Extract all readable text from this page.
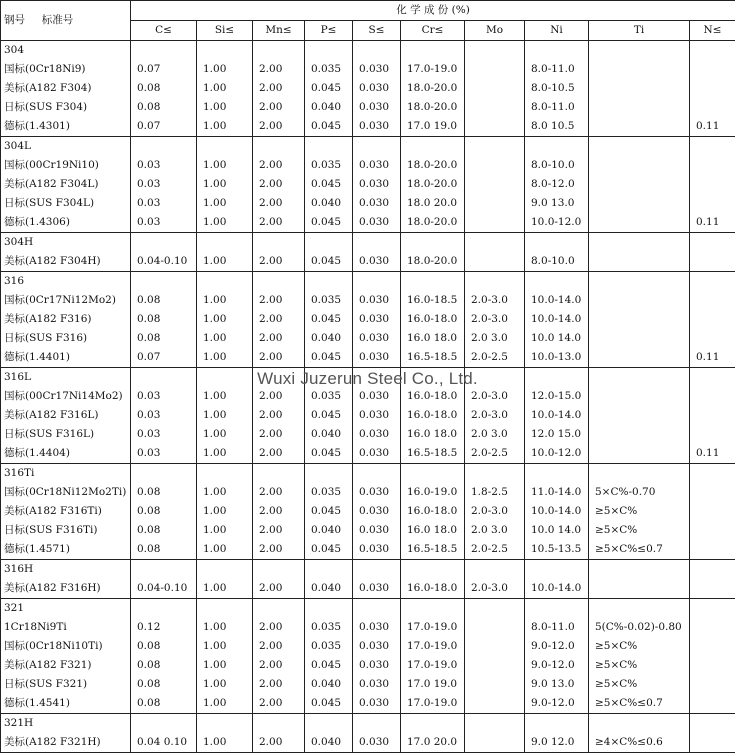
钢号 标准号	化 学 成 份 (%)									
	C≤	Si≤	Mn≤	P≤	S≤	Cr≤	Mo	Ni	Ti	N≤
304										
国标(0Cr18Ni9)	0.07	1.00	2.00	0.035	0.030	17.0-19.0		8.0-11.0		
美标(A182 F304)	0.08	1.00	2.00	0.045	0.030	18.0-20.0		8.0-10.5		
日标(SUS F304)	0.08	1.00	2.00	0.040	0.030	18.0-20.0		8.0-11.0		
德标(1.4301)	0.07	1.00	2.00	0.045	0.030	17.0 19.0		8.0 10.5		0.11
304L										
国标(00Cr19Ni10)	0.03	1.00	2.00	0.035	0.030	18.0-20.0		8.0-10.0		
美标(A182 F304L)	0.03	1.00	2.00	0.045	0.030	18.0-20.0		8.0-12.0		
日标(SUS F304L)	0.03	1.00	2.00	0.040	0.030	18.0 20.0		9.0 13.0		
德标(1.4306)	0.03	1.00	2.00	0.045	0.030	18.0-20.0		10.0-12.0		0.11
304H										
美标(A182 F304H)	0.04-0.10	1.00	2.00	0.045	0.030	18.0-20.0		8.0-10.0		
316										
国标(0Cr17Ni12Mo2)	0.08	1.00	2.00	0.035	0.030	16.0-18.5	2.0-3.0	10.0-14.0		
美标(A182 F316)	0.08	1.00	2.00	0.045	0.030	16.0-18.0	2.0-3.0	10.0-14.0		
日标(SUS F316)	0.08	1.00	2.00	0.040	0.030	16.0 18.0	2.0 3.0	10.0 14.0		
德标(1.4401)	0.07	1.00	2.00	0.045	0.030	16.5-18.5	2.0-2.5	10.0-13.0		0.11
316L										
国标(00Cr17Ni14Mo2)	0.03	1.00	2.00	0.035	0.030	16.0-18.0	2.0-3.0	12.0-15.0		
美标(A182 F316L)	0.03	1.00	2.00	0.045	0.030	16.0-18.0	2.0-3.0	10.0-14.0		
日标(SUS F316L)	0.03	1.00	2.00	0.040	0.030	16.0 18.0	2.0 3.0	12.0 15.0		
德标(1.4404)	0.03	1.00	2.00	0.045	0.030	16.5-18.5	2.0-2.5	10.0-12.0		0.11
316Ti										
国标(0Cr18Ni12Mo2Ti)	0.08	1.00	2.00	0.035	0.030	16.0-19.0	1.8-2.5	11.0-14.0	5×C%-0.70	
美标(A182 F316Ti)	0.08	1.00	2.00	0.045	0.030	16.0-18.0	2.0-3.0	10.0-14.0	≥5×C%	
日标(SUS F316Ti)	0.08	1.00	2.00	0.040	0.030	16.0 18.0	2.0 3.0	10.0 14.0	≥5×C%	
德标(1.4571)	0.08	1.00	2.00	0.045	0.030	16.5-18.5	2.0-2.5	10.5-13.5	≥5×C%≤0.7	
316H										
美标(A182 F316H)	0.04-0.10	1.00	2.00	0.040	0.030	16.0-18.0	2.0-3.0	10.0-14.0		
321										
1Cr18Ni9Ti	0.12	1.00	2.00	0.035	0.030	17.0-19.0		8.0-11.0	5(C%-0.02)-0.80	
国标(0Cr18Ni10Ti)	0.08	1.00	2.00	0.035	0.030	17.0-19.0		9.0-12.0	≥5×C%	
美标(A182 F321)	0.08	1.00	2.00	0.045	0.030	17.0-19.0		9.0-12.0	≥5×C%	
日标(SUS F321)	0.08	1.00	2.00	0.040	0.030	17.0 19.0		9.0 13.0	≥5×C%	
德标(1.4541)	0.08	1.00	2.00	0.045	0.030	17.0-19.0		9.0-12.0	≥5×C%≤0.7	
321H										
美标(A182 F321H)	0.04 0.10	1.00	2.00	0.040	0.030	17.0 20.0		9.0 12.0	≥4×C%≤0.6	
Wuxi Juzerun Steel Co., Ltd.
